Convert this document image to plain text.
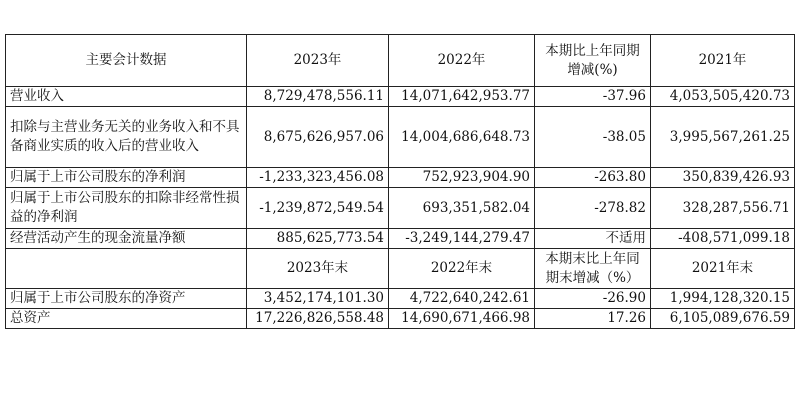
主要会计数据	2023年	2022年	本期比上年同期增减(%)	2021年
营业收入	8,729,478,556.11	14,071,642,953.77	-37.96	4,053,505,420.73
扣除与主营业务无关的业务收入和不具备商业实质的收入后的营业收入	8,675,626,957.06	14,004,686,648.73	-38.05	3,995,567,261.25
归属于上市公司股东的净利润	-1,233,323,456.08	752,923,904.90	-263.80	350,839,426.93
归属于上市公司股东的扣除非经常性损益的净利润	-1,239,872,549.54	693,351,582.04	-278.82	328,287,556.71
经营活动产生的现金流量净额	885,625,773.54	-3,249,144,279.47	不适用	-408,571,099.18
	2023年末	2022年末	本期末比上年同期末增减（%）	2021年末
归属于上市公司股东的净资产	3,452,174,101.30	4,722,640,242.61	-26.90	1,994,128,320.15
总资产	17,226,826,558.48	14,690,671,466.98	17.26	6,105,089,676.59
